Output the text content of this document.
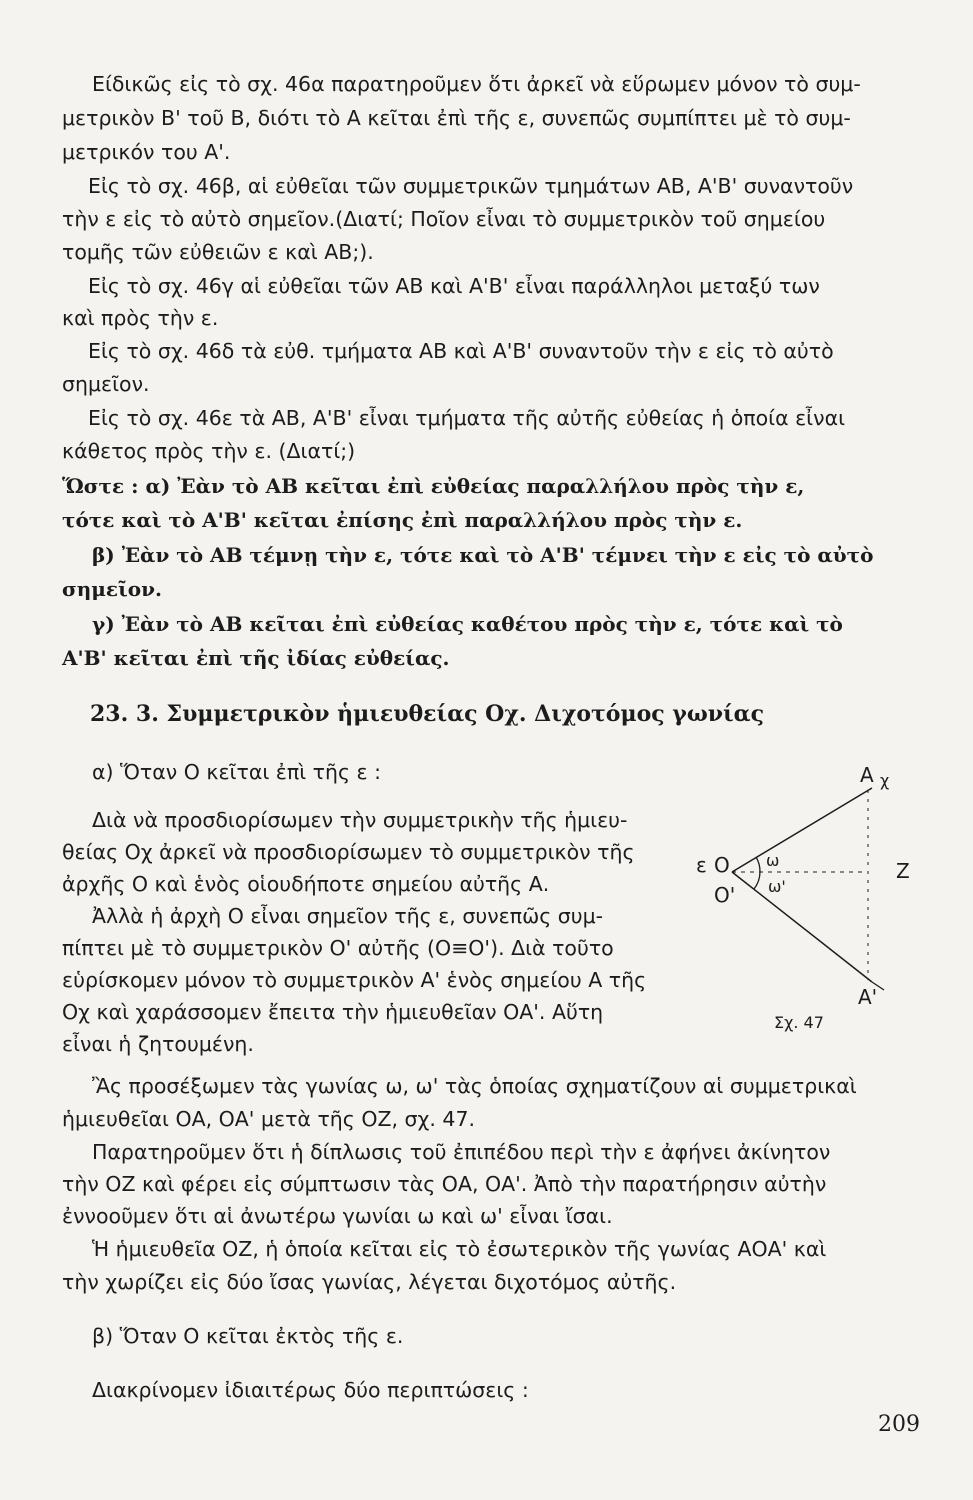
Είδικῶς εἰς τὸ σχ. 46α παρατηροῦμεν ὅτι ἀρκεῖ νὰ εὕρωμεν μόνον τὸ συμ-
μετρικὸν Β' τοῦ Β, διότι τὸ Α κεῖται ἐπὶ τῆς ε, συνεπῶς συμπίπτει μὲ τὸ συμ-
μετρικόν του Α'.
Εἰς τὸ σχ. 46β, αἱ εὐθεῖαι τῶν συμμετρικῶν τμημάτων ΑΒ, Α'Β' συναντοῦν
τὴν ε εἰς τὸ αὐτὸ σημεῖον.(Διατί; Ποῖον εἶναι τὸ συμμετρικὸν τοῦ σημείου
τομῆς τῶν εὐθειῶν ε καὶ ΑΒ;).
Εἰς τὸ σχ. 46γ αἱ εὐθεῖαι τῶν ΑΒ καὶ Α'Β' εἶναι παράλληλοι μεταξύ των
καὶ πρὸς τὴν ε.
Εἰς τὸ σχ. 46δ τὰ εὐθ. τμήματα ΑΒ καὶ Α'Β' συναντοῦν τὴν ε εἰς τὸ αὐτὸ
σημεῖον.
Εἰς τὸ σχ. 46ε τὰ ΑΒ, Α'Β' εἶναι τμήματα τῆς αὐτῆς εὐθείας ἡ ὁποία εἶναι
κάθετος πρὸς τὴν ε. (Διατί;)
Ὥστε : α) Ἐὰν τὸ ΑΒ κεῖται ἐπὶ εὐθείας παραλλήλου πρὸς τὴν ε,
τότε καὶ τὸ Α'Β' κεῖται ἐπίσης ἐπὶ παραλλήλου πρὸς τὴν ε.
β) Ἐὰν τὸ ΑΒ τέμνῃ τὴν ε, τότε καὶ τὸ Α'Β' τέμνει τὴν ε εἰς τὸ αὐτὸ
σημεῖον.
γ) Ἐὰν τὸ ΑΒ κεῖται ἐπὶ εὐθείας καθέτου πρὸς τὴν ε, τότε καὶ τὸ
Α'Β' κεῖται ἐπὶ τῆς ἰδίας εὐθείας.
23. 3. Συμμετρικὸν ἡμιευθείας Οχ. Διχοτόμος γωνίας
α) Ὅταν Ο κεῖται ἐπὶ τῆς ε :
Διὰ νὰ προσδιορίσωμεν τὴν συμμετρικὴν τῆς ἡμιευ-
θείας Οχ ἀρκεῖ νὰ προσδιορίσωμεν τὸ συμμετρικὸν τῆς
ἀρχῆς Ο καὶ ἑνὸς οἱουδήποτε σημείου αὐτῆς Α.
Ἀλλὰ ἡ ἀρχὴ Ο εἶναι σημεῖον τῆς ε, συνεπῶς συμ-
πίπτει μὲ τὸ συμμετρικὸν Ο' αὐτῆς (Ο≡Ο'). Διὰ τοῦτο
εὑρίσκομεν μόνον τὸ συμμετρικὸν Α' ἑνὸς σημείου Α τῆς
Οχ καὶ χαράσσομεν ἔπειτα τὴν ἡμιευθεῖαν ΟΑ'. Αὕτη
εἶναι ἡ ζητουμένη.
Ἂς προσέξωμεν τὰς γωνίας ω, ω' τὰς ὁποίας σχηματίζουν αἱ συμμετρικαὶ
ἡμιευθεῖαι ΟΑ, ΟΑ' μετὰ τῆς ΟΖ, σχ. 47.
Παρατηροῦμεν ὅτι ἡ δίπλωσις τοῦ ἐπιπέδου περὶ τὴν ε ἀφήνει ἀκίνητον
τὴν ΟΖ καὶ φέρει εἰς σύμπτωσιν τὰς ΟΑ, ΟΑ'. Ἀπὸ τὴν παρατήρησιν αὐτὴν
ἐννοοῦμεν ὅτι αἱ ἀνωτέρω γωνίαι ω καὶ ω' εἶναι ἴσαι.
Ἡ ἡμιευθεῖα ΟΖ, ἡ ὁποία κεῖται εἰς τὸ ἐσωτερικὸν τῆς γωνίας ΑΟΑ' καὶ
τὴν χωρίζει εἰς δύο ἴσας γωνίας, λέγεται διχοτόμος αὐτῆς.
β) Ὅταν Ο κεῖται ἐκτὸς τῆς ε.
Διακρίνομεν ἰδιαιτέρως δύο περιπτώσεις :
Α χ
ε Ο
Ο'
ω
ω'
Ζ
Α'
Σχ. 47
209
